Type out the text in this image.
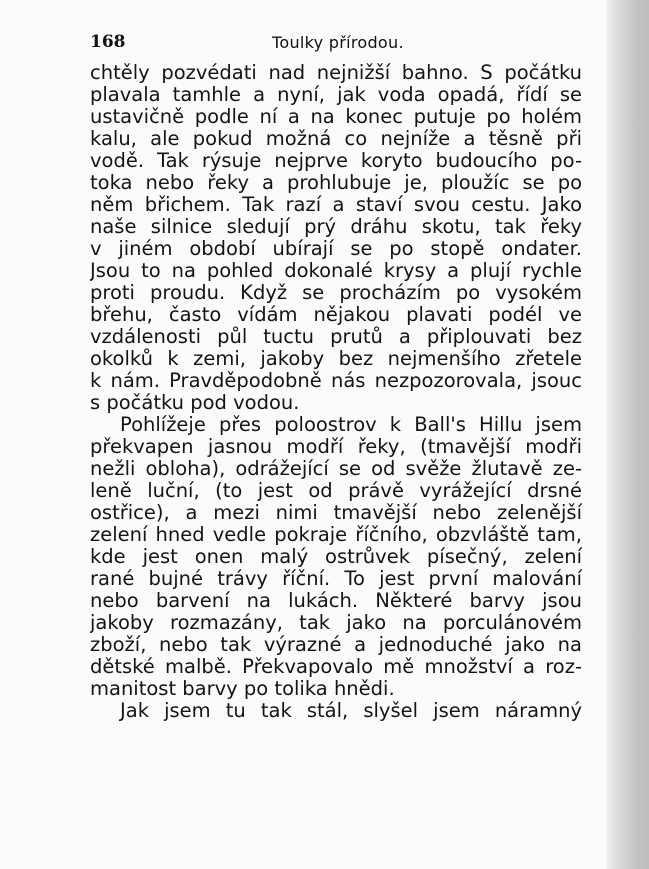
168	Toulky přírodou.
chtěly pozvédati nad nejnižší bahno. S počátku
plavala tamhle a nyní, jak voda opadá, řídí se
ustavičně podle ní a na konec putuje po holém
kalu, ale pokud možná co nejníže a těsně při
vodě. Tak rýsuje nejprve koryto budoucího po-
toka nebo řeky a prohlubuje je, ploužíc se po
něm břichem. Tak razí a staví svou cestu. Jako
naše silnice sledují prý dráhu skotu, tak řeky
v jiném období ubírají se po stopě ondater.
Jsou to na pohled dokonalé krysy a plují rychle
proti proudu. Když se procházím po vysokém
břehu, často vídám nějakou plavati podél ve
vzdálenosti půl tuctu prutů a připlouvati bez
okolků k zemi, jakoby bez nejmenšího zřetele
k nám. Pravděpodobně nás nezpozorovala, jsouc
s počátku pod vodou.
Pohlížeje přes poloostrov k Ball's Hillu jsem
překvapen jasnou modří řeky, (tmavější modři
nežli obloha), odrážející se od svěže žlutavě ze-
leně luční, (to jest od právě vyrážející drsné
ostřice), a mezi nimi tmavější nebo zelenější
zelení hned vedle pokraje říčního, obzvláště tam,
kde jest onen malý ostrůvek písečný, zelení
rané bujné trávy říční. To jest první malování
nebo barvení na lukách. Některé barvy jsou
jakoby rozmazány, tak jako na porculánovém
zboží, nebo tak výrazné a jednoduché jako na
dětské malbě. Překvapovalo mě množství a roz-
manitost barvy po tolika hnědi.
Jak jsem tu tak stál, slyšel jsem náramný
